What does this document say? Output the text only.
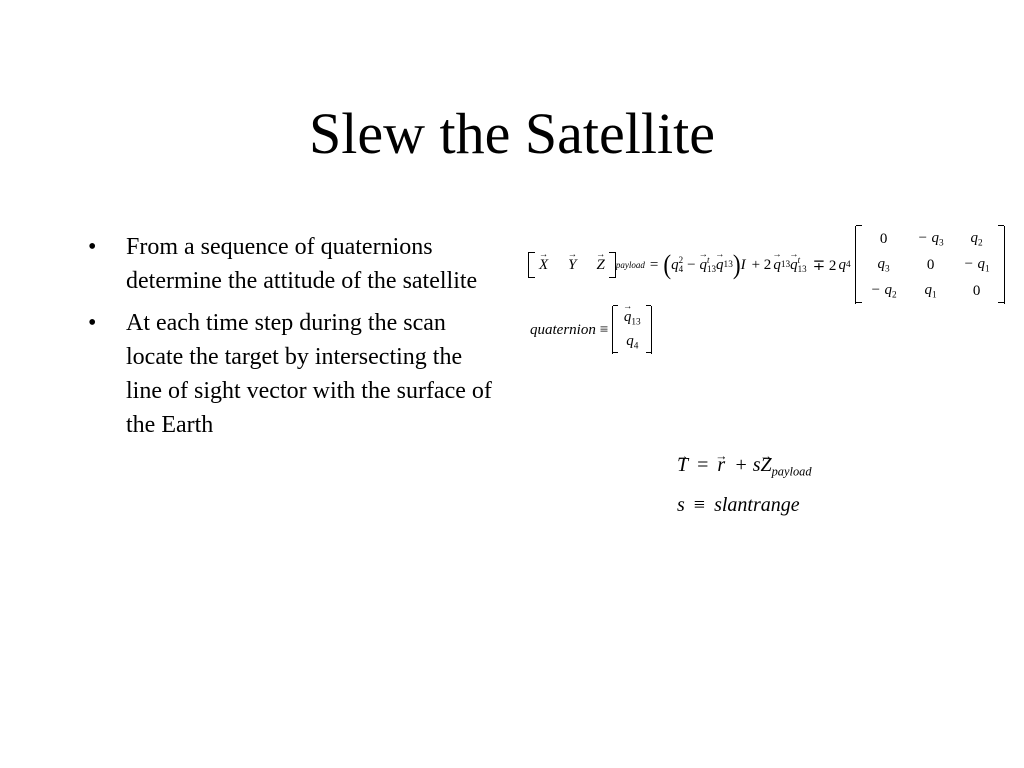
Slew the Satellite
• From a sequence of quaternions determine the attitude of the satellite
• At each time step during the scan locate the target by intersecting the line of sight vector with the surface of the Earth
→ X → Y → Z payload = ( q 2
4 − → q t
13 → q 13 ) I + 2 → q 13 → q t
13 ∓ 2 q 4
$0 - q_3$ $q_2$
$q_3$ $0 - q_1$
− $q_2$ $q_1$ 0
quaternion ≡
→ $q_{13}$
$q_4$
→ T = → $r + s\to Z_{payload}$
s ≡ slantrange
